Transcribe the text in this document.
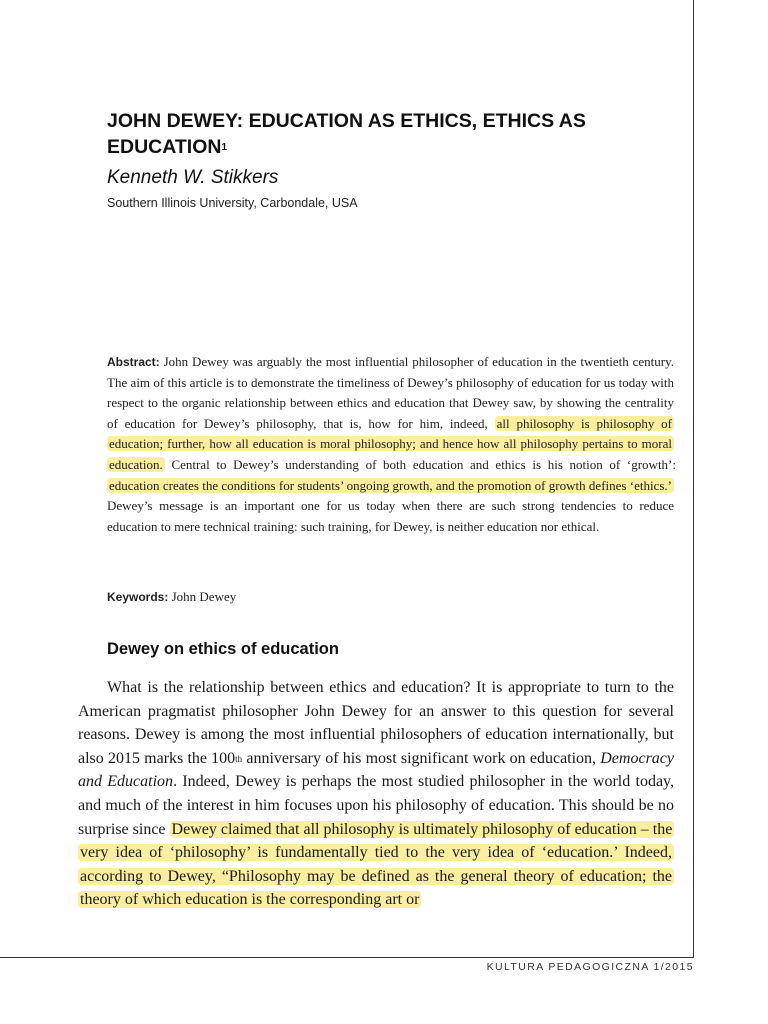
JOHN DEWEY: EDUCATION AS ETHICS, ETHICS AS EDUCATION$^1$

Kenneth W. Stikkers

Southern Illinois University, Carbondale, USA

Abstract: John Dewey was arguably the most influential philosopher of education in the twentieth century. The aim of this article is to demonstrate the timeliness of Dewey’s philosophy of education for us today with respect to the organic relationship between ethics and education that Dewey saw, by showing the centrality of education for Dewey’s philosophy, that is, how for him, indeed, all philosophy is philosophy of education; further, how all education is moral philosophy; and hence how all philosophy pertains to moral education. Central to Dewey’s understanding of both education and ethics is his notion of ‘growth’: education creates the conditions for students’ ongoing growth, and the promotion of growth defines ‘ethics.’ Dewey’s message is an important one for us today when there are such strong tendencies to reduce education to mere technical training: such training, for Dewey, is neither education nor ethical.

Keywords: John Dewey

Dewey on ethics of education

What is the relationship between ethics and education? It is appropriate to turn to the American pragmatist philosopher John Dewey for an answer to this question for several reasons. Dewey is among the most influential philosophers of education internationally, but also 2015 marks the 100th anniversary of his most significant work on education, Democracy and Education. Indeed, Dewey is perhaps the most studied philosopher in the world today, and much of the interest in him focuses upon his philosophy of education. This should be no surprise since Dewey claimed that all philosophy is ultimately philosophy of education – the very idea of ‘philosophy’ is fundamentally tied to the very idea of ‘education.’ Indeed, according to Dewey, “Philosophy may be defined as the general theory of education; the theory of which education is the corresponding art or

KULTURA PEDAGOGICZNA 1/2015
